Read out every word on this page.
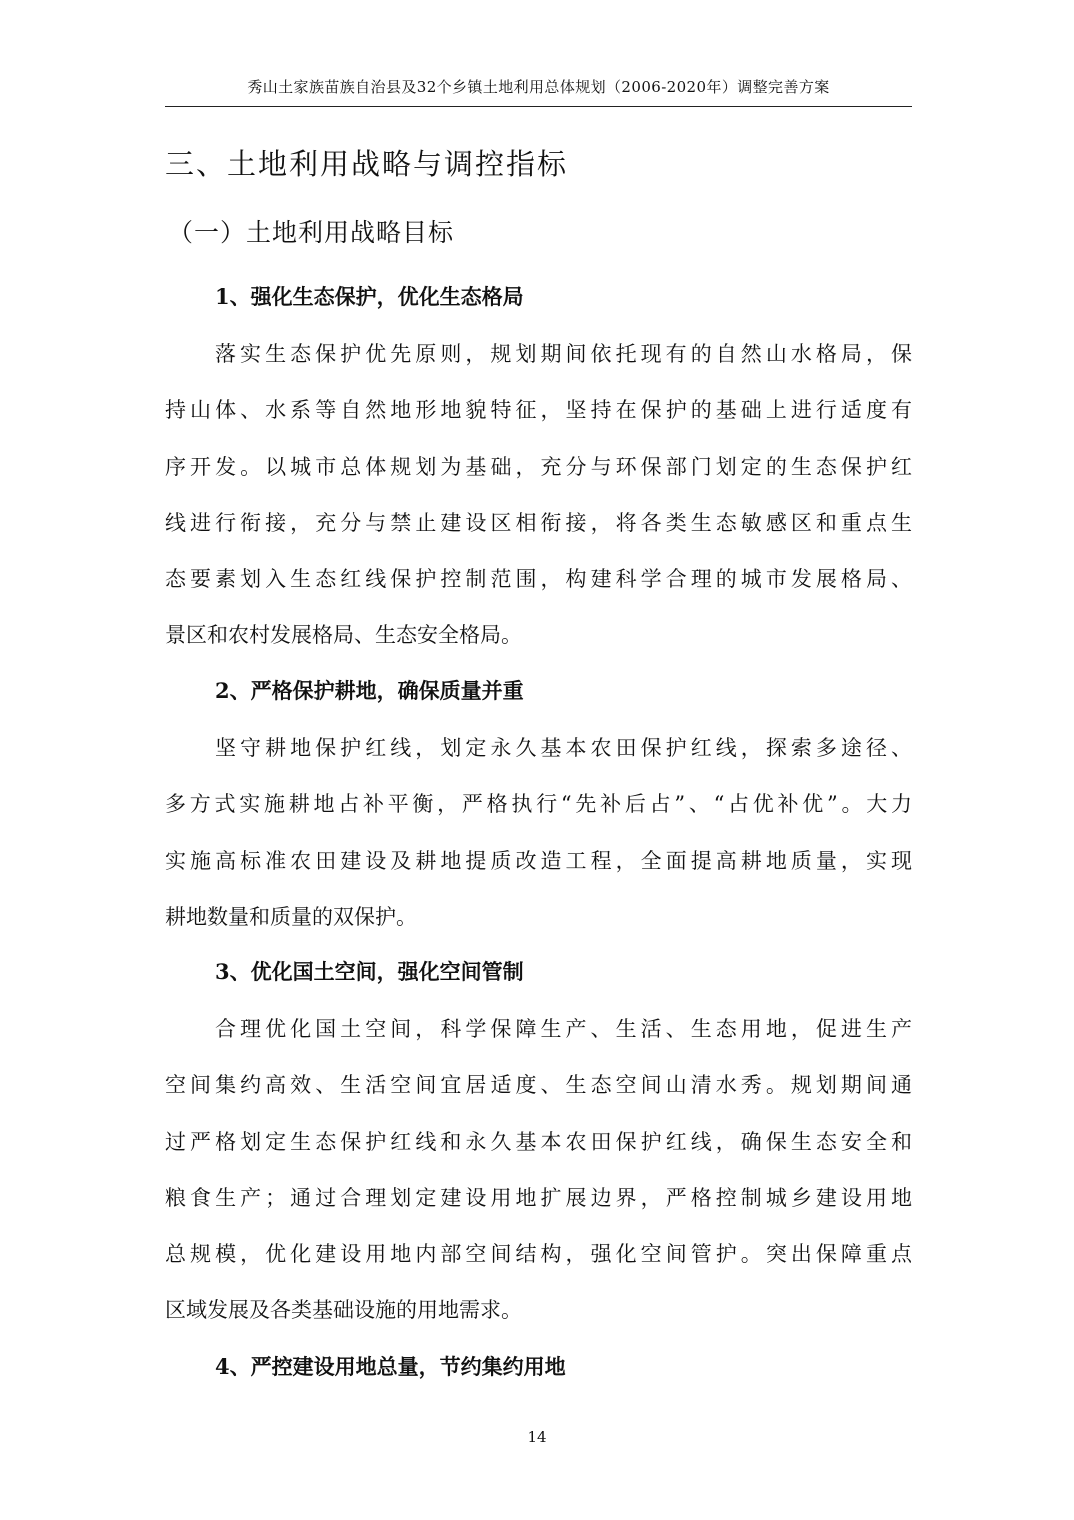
秀山土家族苗族自治县及32个乡镇土地利用总体规划（2006-2020年）调整完善方案
三、土地利用战略与调控指标
（一）土地利用战略目标
1、强化生态保护，优化生态格局
落实生态保护优先原则，规划期间依托现有的自然山水格局，保
持山体、水系等自然地形地貌特征，坚持在保护的基础上进行适度有
序开发。以城市总体规划为基础，充分与环保部门划定的生态保护红
线进行衔接，充分与禁止建设区相衔接，将各类生态敏感区和重点生
态要素划入生态红线保护控制范围，构建科学合理的城市发展格局、
景区和农村发展格局、生态安全格局。
2、严格保护耕地，确保质量并重
坚守耕地保护红线，划定永久基本农田保护红线，探索多途径、
多方式实施耕地占补平衡，严格执行“先补后占”、“占优补优”。大力
实施高标准农田建设及耕地提质改造工程，全面提高耕地质量，实现
耕地数量和质量的双保护。
3、优化国土空间，强化空间管制
合理优化国土空间，科学保障生产、生活、生态用地，促进生产
空间集约高效、生活空间宜居适度、生态空间山清水秀。规划期间通
过严格划定生态保护红线和永久基本农田保护红线，确保生态安全和
粮食生产；通过合理划定建设用地扩展边界，严格控制城乡建设用地
总规模，优化建设用地内部空间结构，强化空间管护。突出保障重点
区域发展及各类基础设施的用地需求。
4、严控建设用地总量，节约集约用地
14
